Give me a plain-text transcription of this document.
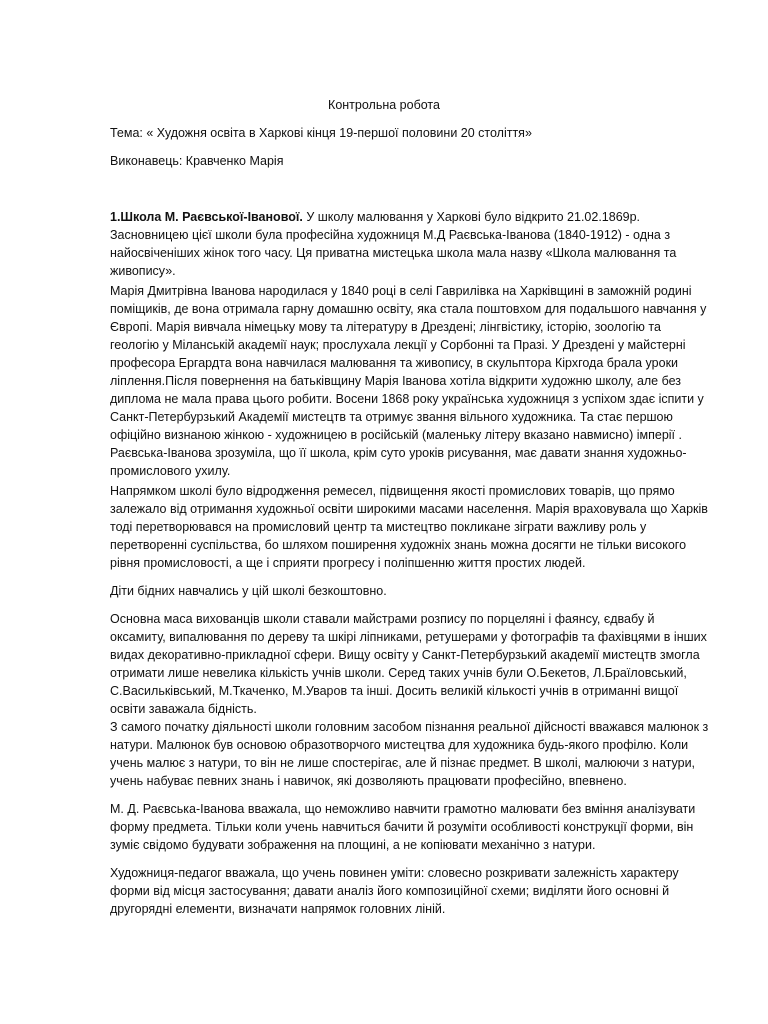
Контрольна робота

Тема: « Художня освіта в Харкові кінця 19-першої половини 20 століття»

Виконавець: Кравченко Марія

1.Школа М. Раєвської-Іванової. У школу малювання у Харкові було відкрито 21.02.1869р. Засновницею цієї школи була професійна художниця М.Д Раєвська-Іванова (1840-1912) - одна з найосвіченіших жінок того часу. Ця приватна мистецька школа мала назву «Школа малювання та живопису».

Марія Дмитрівна Іванова народилася у 1840 році в селі Гаврилівка на Харківщині в заможній родині поміщиків, де вона отримала гарну домашню освіту, яка стала поштовхом для подальшого навчання у Європі. Марія вивчала німецьку мову та літературу в Дрездені; лінгвістику, історію, зоологію та геологію у Міланській академії наук; прослухала лекції у Сорбонні та Празі. У Дрездені у майстерні професора Ергардта вона навчилася малювання та живопису, в скульптора Кірхгода брала уроки ліплення.Після повернення на батьківщину Марія Іванова хотіла відкрити художню школу, але без диплома не мала права цього робити. Восени 1868 року українська художниця з успіхом здає іспити у Санкт-Петербурзький Академії мистецтв та отримує звання вільного художника. Та стає першою офіційно визнаною жінкою - художницею в російській (маленьку літеру вказано навмисно) імперії .

Раєвська-Іванова зрозуміла, що її школа, крім суто уроків рисування, має давати знання художньо-промислового ухилу.

Напрямком школі було відродження ремесел, підвищення якості промислових товарів, що прямо залежало від отримання художньої освіти широкими масами населення. Марія враховувала що Харків тоді перетворювався на промисловий центр та мистецтво покликане зіграти важливу роль у перетворенні суспільства, бо шляхом поширення художніх знань можна досягти не тільки високого рівня промисловості, а ще і сприяти прогресу і поліпшенню життя простих людей.

Діти бідних навчались у цій школі безкоштовно.

Основна маса вихованців школи ставали майстрами розпису по порцеляні і фаянсу, єдвабу й оксамиту, випалювання по дереву та шкірі ліпниками, ретушерами у фотографів та фахівцями в інших видах декоративно-прикладної сфери. Вищу освіту у Санкт-Петербурзький академії мистецтв змогла отримати лише невелика кількість учнів школи. Серед таких учнів були О.Бекетов, Л.Браїловський, С.Васильківський, М.Ткаченко, М.Уваров та інші. Досить великій кількості учнів в отриманні вищої освіти заважала бідність.

З самого початку діяльності школи головним засобом пізнання реальної дійсності вважався малюнок з натури. Малюнок був основою образотворчого мистецтва для художника будь-якого профілю. Коли учень малює з натури, то він не лише спостерігає, але й пізнає предмет. В школі, малюючи з натури, учень набуває певних знань і навичок, які дозволяють працювати професійно, впевнено.

М. Д. Раєвська-Іванова вважала, що неможливо навчити грамотно малювати без вміння аналізувати форму предмета. Тільки коли учень навчиться бачити й розуміти особливості конструкції форми, він зуміє свідомо будувати зображення на площині, а не копіювати механічно з натури.

Художниця-педагог вважала, що учень повинен уміти: словесно розкривати залежність характеру форми від місця застосування; давати аналіз його композиційної схеми; виділяти його основні й другорядні елементи, визначати напрямок головних ліній.
